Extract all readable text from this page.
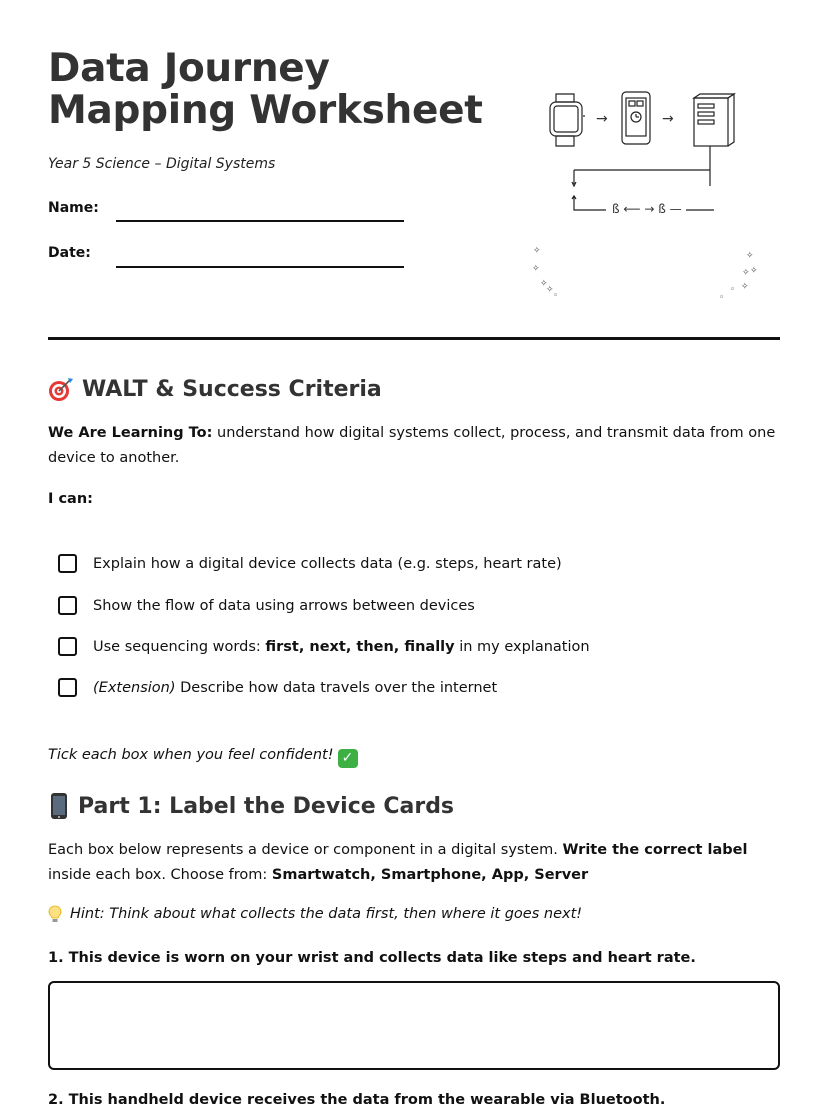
Data Journey Mapping Worksheet
Year 5 Science – Digital Systems
Name:
Date:
→	→
ß ⟵ → ß —
✧
✧
✧
✧
◦
✧
✧ ✧
✧
◦
◦
WALT & Success Criteria
We Are Learning To: understand how digital systems collect, process, and transmit data from one device to another.
I can:
Explain how a digital device collects data (e.g. steps, heart rate)
Show the flow of data using arrows between devices
Use sequencing words: first, next, then, finally in my explanation
(Extension) Describe how data travels over the internet
Tick each box when you feel confident! ✓
Part 1: Label the Device Cards
Each box below represents a device or component in a digital system. Write the correct label inside each box. Choose from: Smartwatch, Smartphone, App, Server
Hint: Think about what collects the data first, then where it goes next!
1. This device is worn on your wrist and collects data like steps and heart rate.
2. This handheld device receives the data from the wearable via Bluetooth.
